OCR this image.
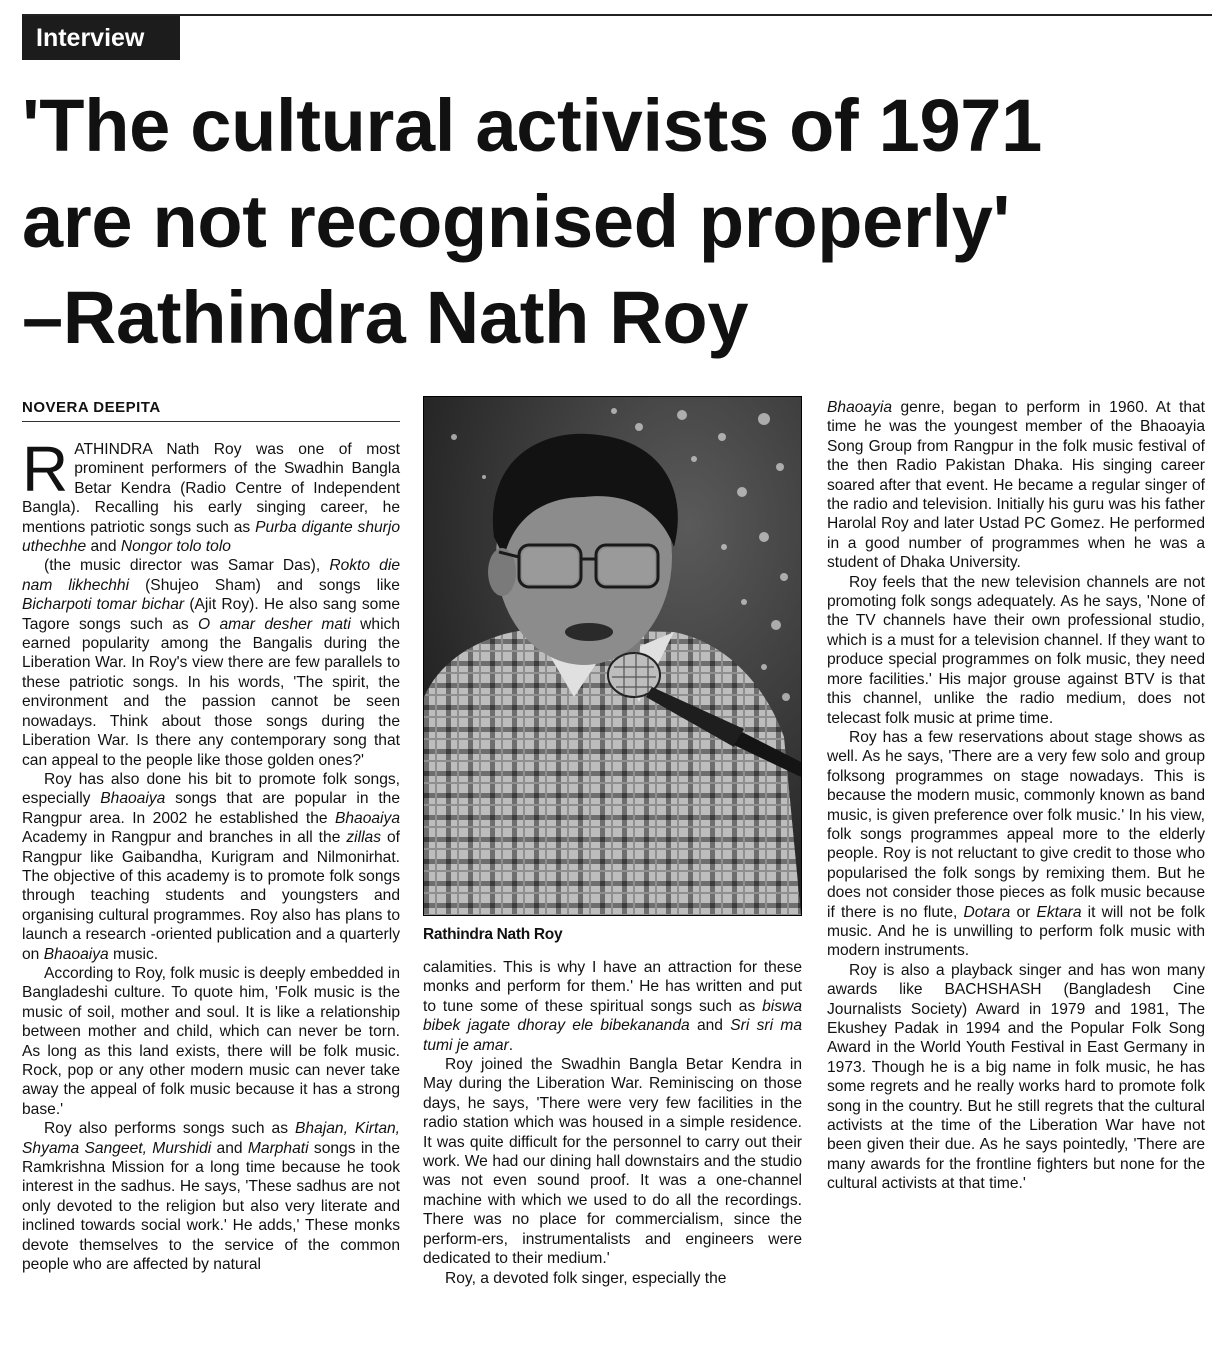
Interview
'The cultural activists of 1971
are not recognised properly'
–Rathindra Nath Roy

NOVERA DEEPITA

RATHINDRA Nath Roy was one of most prominent performers of the Swadhin Bangla Betar Kendra (Radio Centre of Independent Bangla). Recalling his early singing career, he mentions patriotic songs such as Purba digante shurjo uthechhe and Nongor tolo tolo

(the music director was Samar Das), Rokto die nam likhechhi (Shujeo Sham) and songs like Bicharpoti tomar bichar (Ajit Roy). He also sang some Tagore songs such as O amar desher mati which earned popularity among the Bangalis during the Liberation War. In Roy's view there are few parallels to these patriotic songs. In his words, 'The spirit, the environment and the passion cannot be seen nowadays. Think about those songs during the Liberation War. Is there any contemporary song that can appeal to the people like those golden ones?'

Roy has also done his bit to promote folk songs, especially Bhaoaiya songs that are popular in the Rangpur area. In 2002 he established the Bhaoaiya Academy in Rangpur and branches in all the zillas of Rangpur like Gaibandha, Kurigram and Nilmonirhat. The objective of this academy is to promote folk songs through teaching students and youngsters and organising cultural programmes. Roy also has plans to launch a research -oriented publication and a quarterly on Bhaoaiya music.

According to Roy, folk music is deeply embedded in Bangladeshi culture. To quote him, 'Folk music is the music of soil, mother and soul. It is like a relationship between mother and child, which can never be torn. As long as this land exists, there will be folk music. Rock, pop or any other modern music can never take away the appeal of folk music because it has a strong base.'

Roy also performs songs such as Bhajan, Kirtan, Shyama Sangeet, Murshidi and Marphati songs in the Ramkrishna Mission for a long time because he took interest in the sadhus. He says, 'These sadhus are not only devoted to the religion but also very literate and inclined towards social work.' He adds,' These monks devote themselves to the service of the common people who are affected by natural

Rathindra Nath Roy

calamities. This is why I have an attraction for these monks and perform for them.' He has written and put to tune some of these spiritual songs such as biswa bibek jagate dhoray ele bibekananda and Sri sri ma tumi je amar.

Roy joined the Swadhin Bangla Betar Kendra in May during the Liberation War. Reminiscing on those days, he says, 'There were very few facilities in the radio station which was housed in a simple residence. It was quite difficult for the personnel to carry out their work. We had our dining hall downstairs and the studio was not even sound proof. It was a one-channel machine with which we used to do all the recordings. There was no place for commercialism, since the perform-ers, instrumentalists and engineers were dedicated to their medium.'

Roy, a devoted folk singer, especially the

Bhaoayia genre, began to perform in 1960. At that time he was the youngest member of the Bhaoayia Song Group from Rangpur in the folk music festival of the then Radio Pakistan Dhaka. His singing career soared after that event. He became a regular singer of the radio and television. Initially his guru was his father Harolal Roy and later Ustad PC Gomez. He performed in a good number of programmes when he was a student of Dhaka University.

Roy feels that the new television channels are not promoting folk songs adequately. As he says, 'None of the TV channels have their own professional studio, which is a must for a television channel. If they want to produce special programmes on folk music, they need more facilities.' His major grouse against BTV is that this channel, unlike the radio medium, does not telecast folk music at prime time.

Roy has a few reservations about stage shows as well. As he says, 'There are a very few solo and group folksong programmes on stage nowadays. This is because the modern music, commonly known as band music, is given preference over folk music.' In his view, folk songs programmes appeal more to the elderly people. Roy is not reluctant to give credit to those who popularised the folk songs by remixing them. But he does not consider those pieces as folk music because if there is no flute, Dotara or Ektara it will not be folk music. And he is unwilling to perform folk music with modern instruments.

Roy is also a playback singer and has won many awards like BACHSHASH (Bangladesh Cine Journalists Society) Award in 1979 and 1981, The Ekushey Padak in 1994 and the Popular Folk Song Award in the World Youth Festival in East Germany in 1973. Though he is a big name in folk music, he has some regrets and he really works hard to promote folk song in the country. But he still regrets that the cultural activists at the time of the Liberation War have not been given their due. As he says pointedly, 'There are many awards for the frontline fighters but none for the cultural activists at that time.'
